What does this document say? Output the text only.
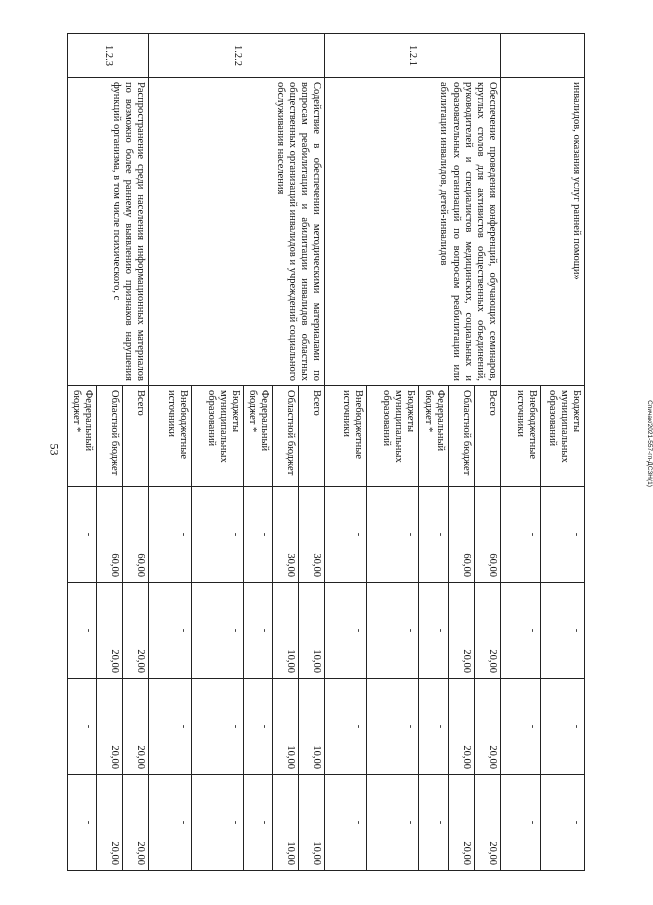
53	Спичак/2021-557-гп-ДСЗН(1)
	инвалидов, оказания услуг ранней помощи»	Бюджеты муниципальных образований	-	-	-	-
		Внебюджетные источники	-	-	-	-
1.2.1	Обеспечение проведения конференций, обучающих семинаров, круглых столов для активистов общественных объединений, руководителей и специалистов медицинских, социальных и образовательных организаций по вопросам реабилитации или абилитации инвалидов, детей-инвалидов	Всего	60,00	20,00	20,00	20,00
		Областной бюджет	60,00	20,00	20,00	20,00
		Федеральный бюджет *	-	-	-	-
		Бюджеты муниципальных образований	-	-	-	-
		Внебюджетные источники	-	-	-	-
1.2.2	Содействие в обеспечении методическими материалами по вопросам реабилитации и абилитации инвалидов областных общественных организаций инвалидов и учреждений социального обслуживания населения	Всего	30,00	10,00	10,00	10,00
		Областной бюджет	30,00	10,00	10,00	10,00
		Федеральный бюджет *	-	-	-	-
		Бюджеты муниципальных образований	-	-	-	-
		Внебюджетные источники	-	-	-	-
1.2.3	Распространение среди населения информационных материалов по возможно более раннему выявлению признаков нарушения функций организма, в том числе психического, с	Всего	60,00	20,00	20,00	20,00
		Областной бюджет	60,00	20,00	20,00	20,00
		Федеральный бюджет *	-	-	-	-
